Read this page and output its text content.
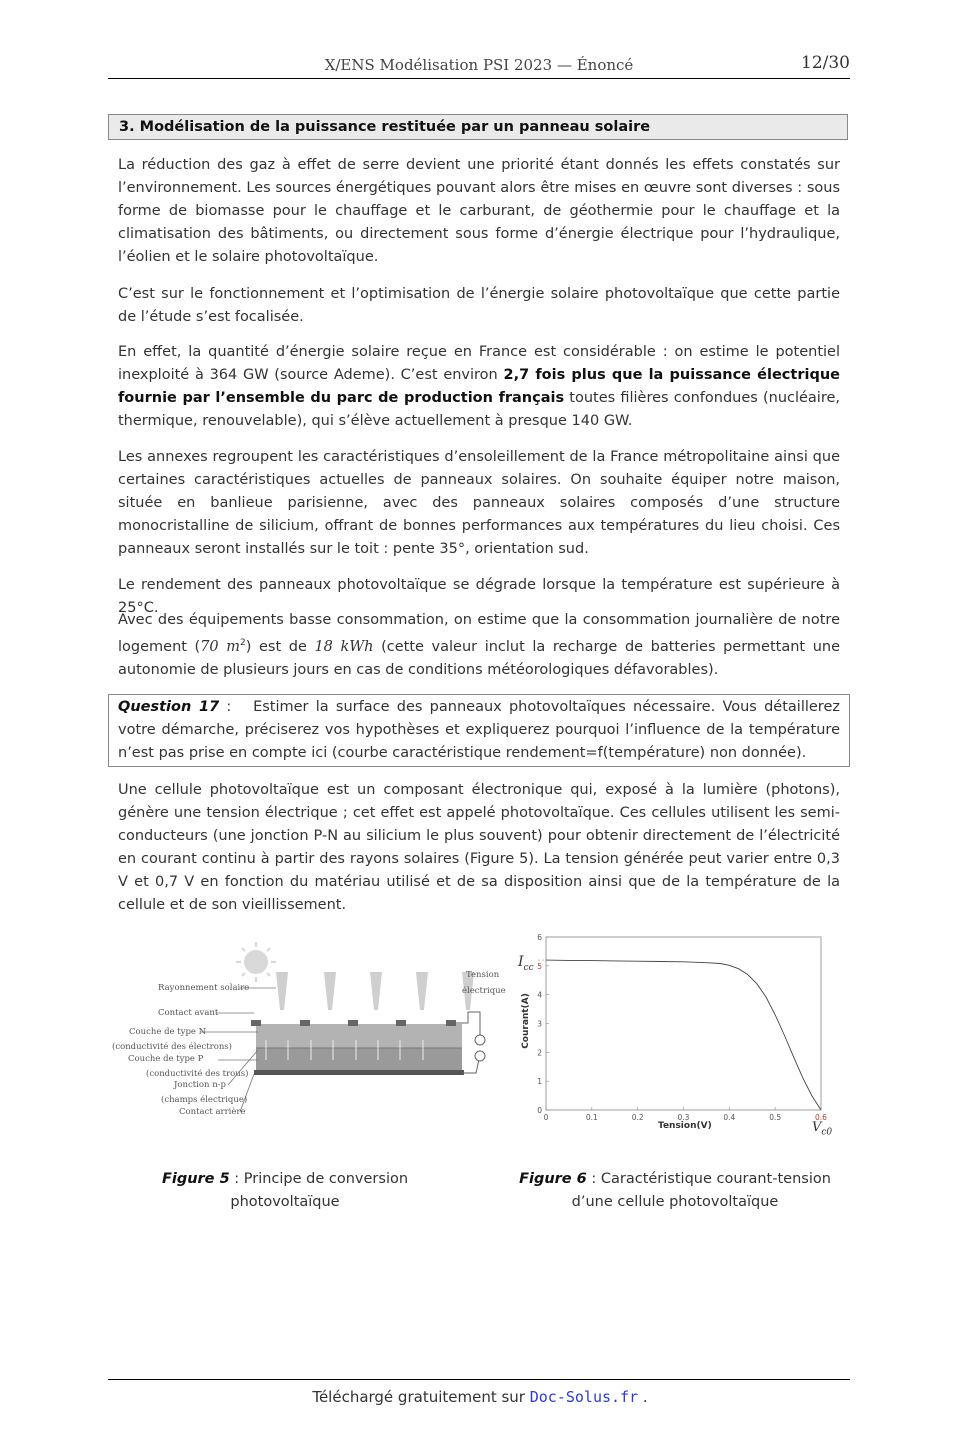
X/ENS Modélisation PSI 2023 — Énoncé	12/30
3. Modélisation de la puissance restituée par un panneau solaire

La réduction des gaz à effet de serre devient une priorité étant donnés les effets constatés sur l’environnement. Les sources énergétiques pouvant alors être mises en œuvre sont diverses : sous forme de biomasse pour le chauffage et le carburant, de géothermie pour le chauffage et la climatisation des bâtiments, ou directement sous forme d’énergie électrique pour l’hydraulique, l’éolien et le solaire photovoltaïque.

C’est sur le fonctionnement et l’optimisation de l’énergie solaire photovoltaïque que cette partie de l’étude s’est focalisée.

En effet, la quantité d’énergie solaire reçue en France est considérable : on estime le potentiel inexploité à 364 GW (source Ademe). C’est environ 2,7 fois plus que la puissance électrique fournie par l’ensemble du parc de production français toutes filières confondues (nucléaire, thermique, renouvelable), qui s’élève actuellement à presque 140 GW.

Les annexes regroupent les caractéristiques d’ensoleillement de la France métropolitaine ainsi que certaines caractéristiques actuelles de panneaux solaires. On souhaite équiper notre maison, située en banlieue parisienne, avec des panneaux solaires composés d’une structure monocristalline de silicium, offrant de bonnes performances aux températures du lieu choisi. Ces panneaux seront installés sur le toit : pente 35°, orientation sud.

Le rendement des panneaux photovoltaïque se dégrade lorsque la température est supérieure à 25°C.

Avec des équipements basse consommation, on estime que la consommation journalière de notre logement (70 $m^2$) est de 18 kWh (cette valeur inclut la recharge de batteries permettant une autonomie de plusieurs jours en cas de conditions météorologiques défavorables).

Question 17 :   Estimer la surface des panneaux photovoltaïques nécessaire. Vous détaillerez votre démarche, préciserez vos hypothèses et expliquerez pourquoi l’influence de la température n’est pas prise en compte ici (courbe caractéristique rendement=f(température) non donnée).

Une cellule photovoltaïque est un composant électronique qui, exposé à la lumière (photons), génère une tension électrique ; cet effet est appelé photovoltaïque. Ces cellules utilisent les semi-conducteurs (une jonction P-N au silicium le plus souvent) pour obtenir directement de l’électricité en courant continu à partir des rayons solaires (Figure 5). La tension générée peut varier entre 0,3 V et 0,7 V en fonction du matériau utilisé et de sa disposition ainsi que de la température de la cellule et de son vieillissement.

Rayonnement solaire
Contact avant
Couche de type N
(conductivité des électrons)
Couche de type P
(conductivité des trous)
Jonction n-p
(champs électrique)
Contact arrière
Tension
électrique
0
1
2
3
4
5
6
0	0.1	0.2	0.3	0.4	0.5	0.6
$I_{cc}$
$V_{c0}$
Tension(V)
Courant(A)
Figure 5 : Principe de conversion
photovoltaïque
Figure 6 : Caractéristique courant-tension
d’une cellule photovoltaïque
Téléchargé gratuitement sur Doc-Solus.fr .
